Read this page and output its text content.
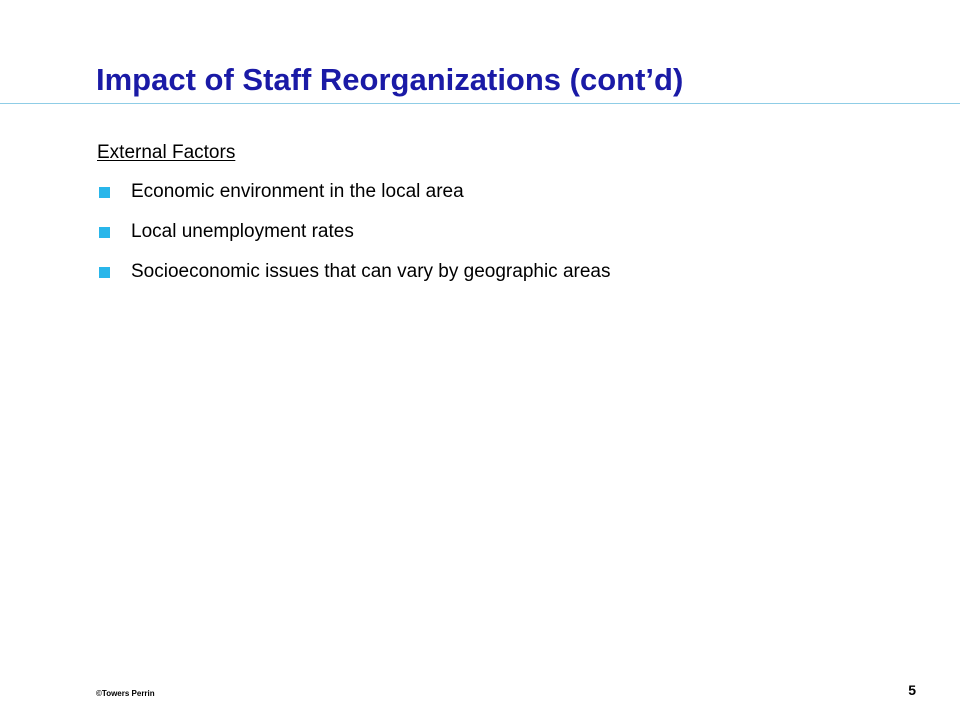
Impact of Staff Reorganizations (cont’d)

External Factors

Economic environment in the local area
Local unemployment rates
Socioeconomic issues that can vary by geographic areas
©Towers Perrin	5
